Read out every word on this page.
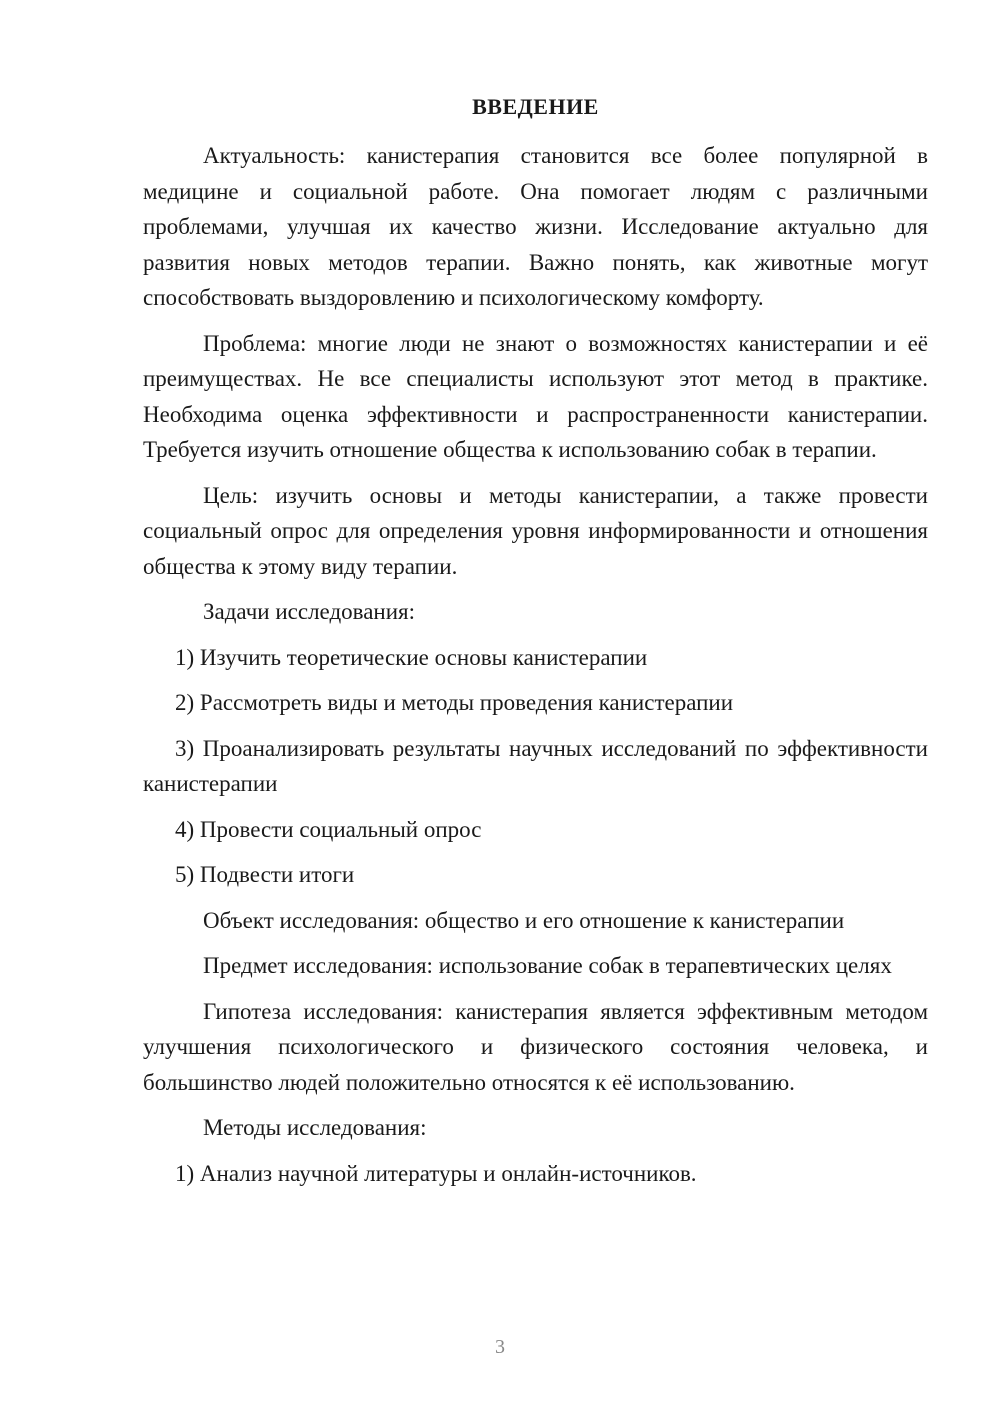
ВВЕДЕНИЕ
Актуальность: канистерапия становится все более популярной в медицине и социальной работе. Она помогает людям с различными проблемами, улучшая их качество жизни. Исследование актуально для развития новых методов терапии. Важно понять, как животные могут способствовать выздоровлению и психологическому комфорту.
Проблема: многие люди не знают о возможностях канистерапии и её преимуществах. Не все специалисты используют этот метод в практике. Необходима оценка эффективности и распространенности канистерапии. Требуется изучить отношение общества к использованию собак в терапии.
Цель: изучить основы и методы канистерапии, а также провести социальный опрос для определения уровня информированности и отношения общества к этому виду терапии.
Задачи исследования:
1) Изучить теоретические основы канистерапии
2) Рассмотреть виды и методы проведения канистерапии
3) Проанализировать результаты научных исследований по эффективности канистерапии
4) Провести социальный опрос
5) Подвести итоги
Объект исследования: общество и его отношение к канистерапии
Предмет исследования: использование собак в терапевтических целях
Гипотеза исследования: канистерапия является эффективным методом улучшения психологического и физического состояния человека, и большинство людей положительно относятся к её использованию.
Методы исследования:
1) Анализ научной литературы и онлайн-источников.
3
